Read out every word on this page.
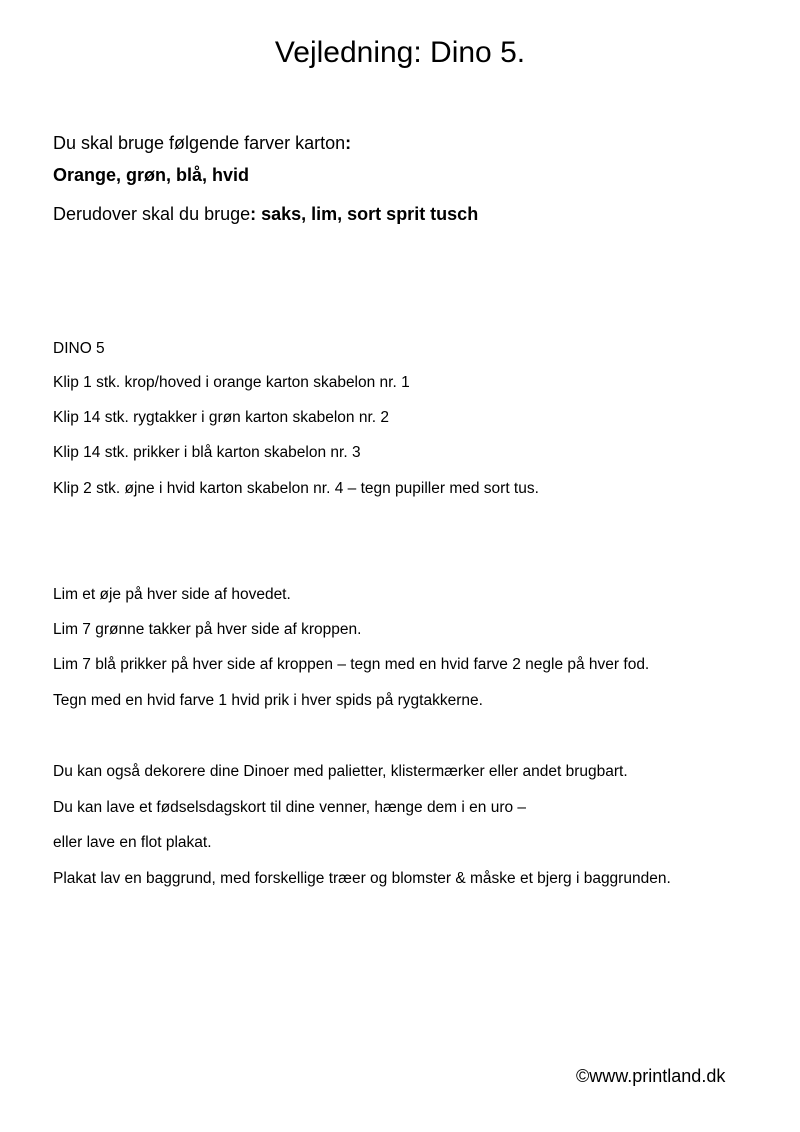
Vejledning: Dino 5.
Du skal bruge følgende farver karton:
Orange, grøn, blå, hvid
Derudover skal du bruge: saks, lim, sort sprit tusch
DINO 5
Klip 1 stk. krop/hoved i orange karton skabelon nr. 1
Klip 14 stk. rygtakker i grøn karton skabelon nr. 2
Klip 14 stk. prikker i blå karton skabelon nr. 3
Klip 2 stk. øjne i hvid karton skabelon nr. 4 – tegn pupiller med sort tus.
Lim et øje på hver side af hovedet.
Lim 7 grønne takker på hver side af kroppen.
Lim 7 blå prikker på hver side af kroppen – tegn med en hvid farve 2 negle på hver fod.
Tegn med en hvid farve 1 hvid prik i hver spids på rygtakkerne.
Du kan også dekorere dine Dinoer med palietter, klistermærker eller andet brugbart.
Du kan lave et fødselsdagskort til dine venner, hænge dem i en uro –
eller lave en flot plakat.
Plakat lav en baggrund, med forskellige træer og blomster & måske et bjerg i baggrunden.
©www.printland.dk
